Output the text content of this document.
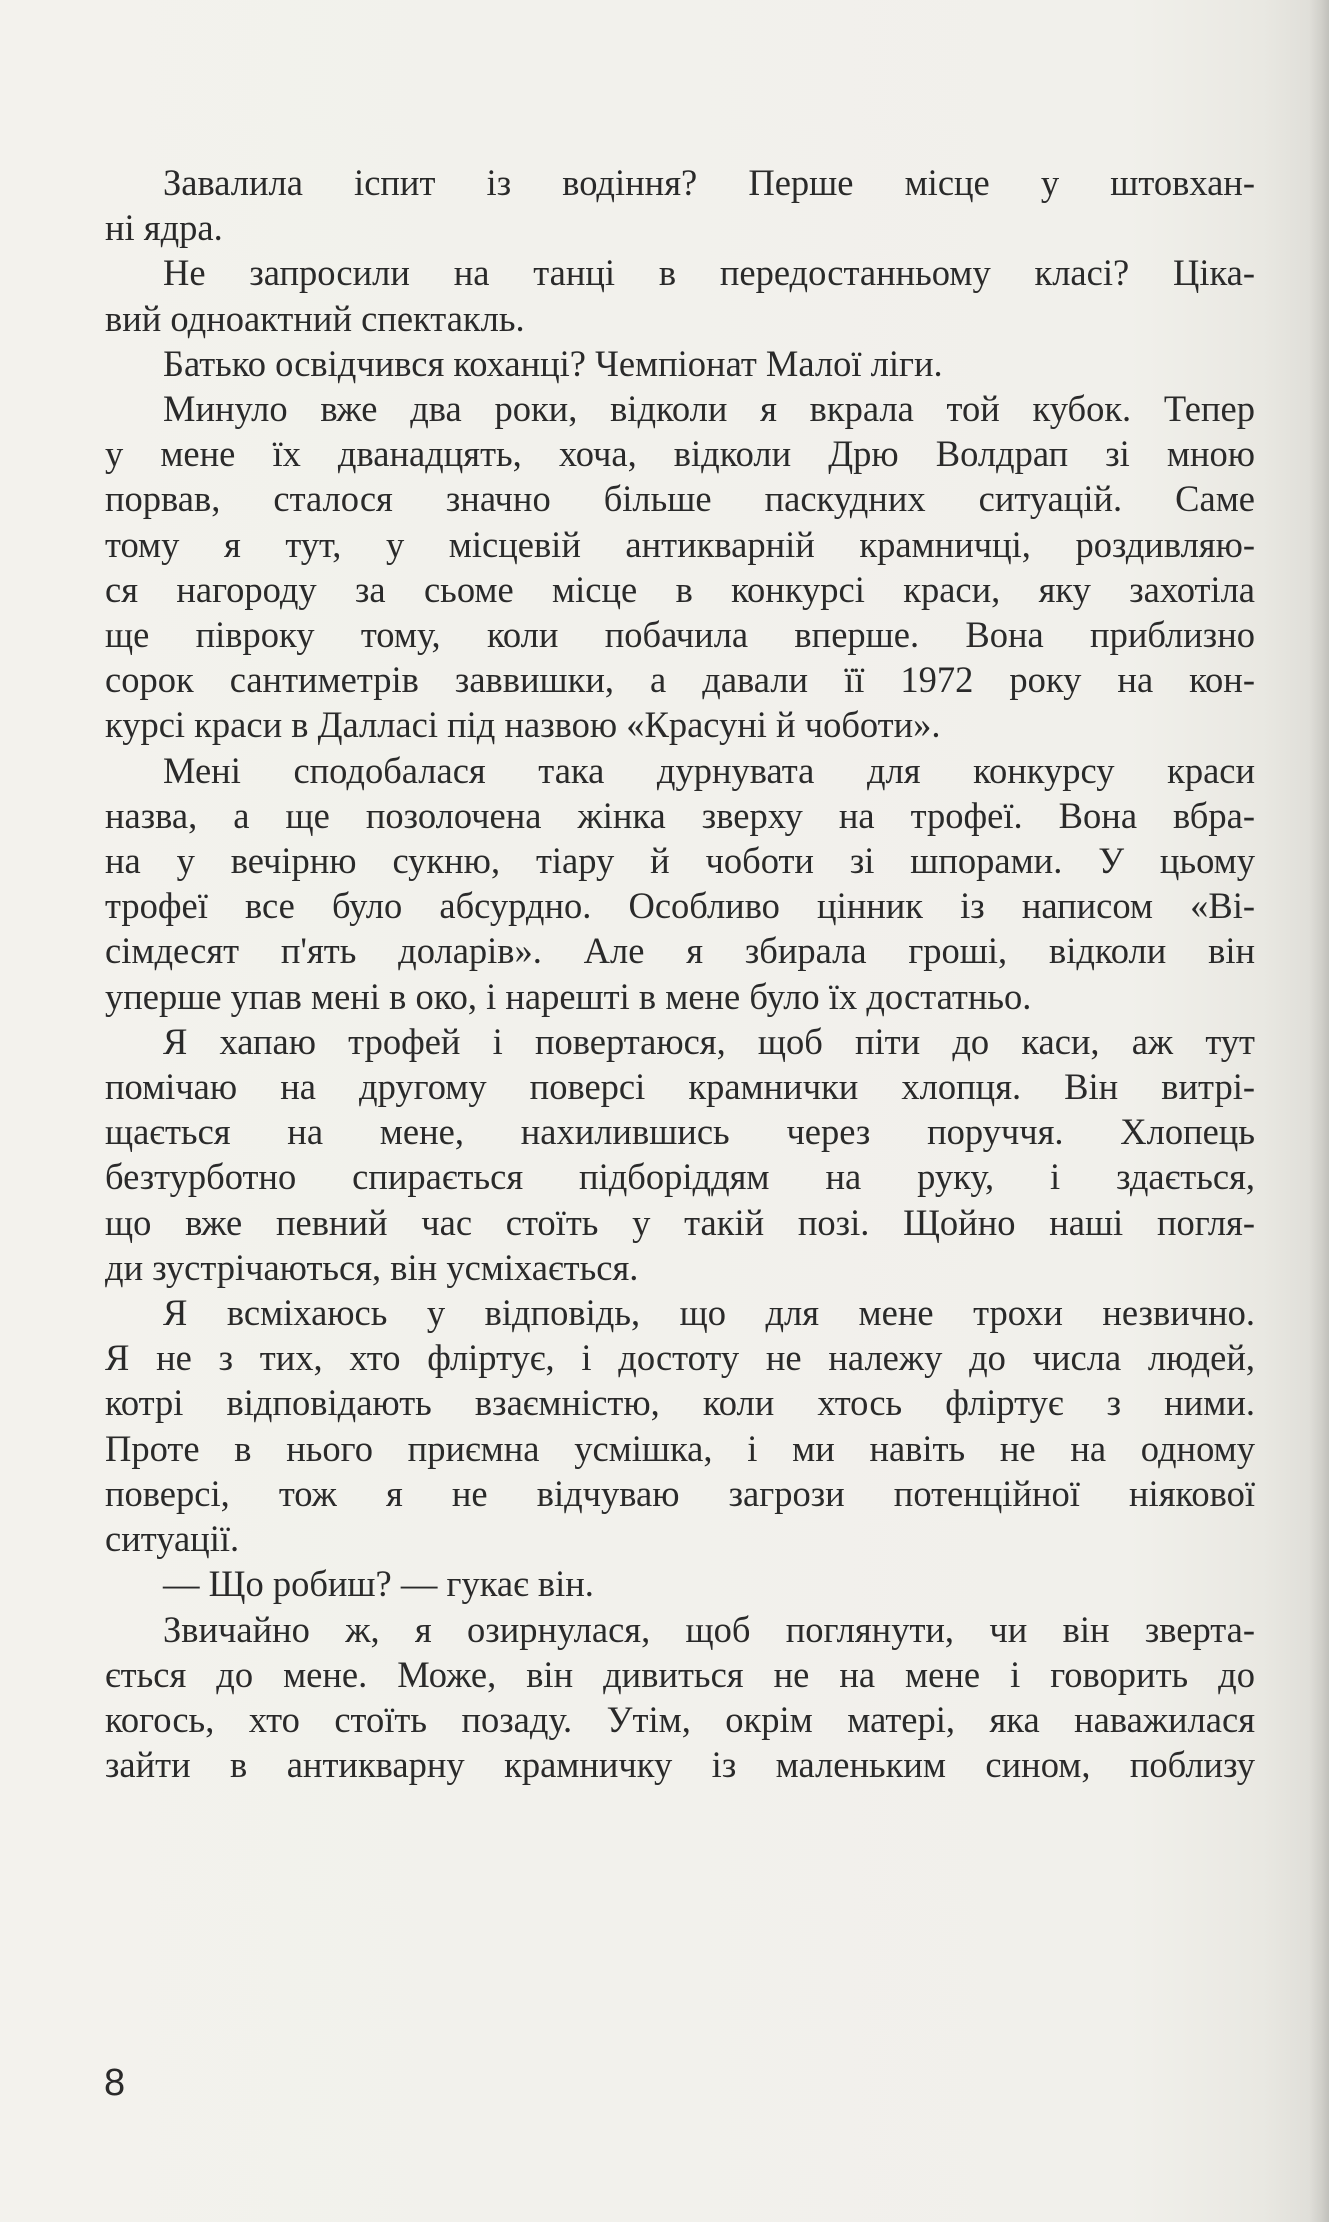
Завалила іспит із водіння? Перше місце у штовхан-
ні ядра.

Не запросили на танці в передостанньому класі? Ціка-
вий одноактний спектакль.

Батько освідчився коханці? Чемпіонат Малої ліги.

Минуло вже два роки, відколи я вкрала той кубок. Тепер
у мене їх дванадцять, хоча, відколи Дрю Волдрап зі мною
порвав, сталося значно більше паскудних ситуацій. Саме
тому я тут, у місцевій антикварній крамничці, роздивляю-
ся нагороду за сьоме місце в конкурсі краси, яку захотіла
ще півроку тому, коли побачила вперше. Вона приблизно
сорок сантиметрів заввишки, а давали її 1972 року на кон-
курсі краси в Далласі під назвою «Красуні й чоботи».

Мені сподобалася така дурнувата для конкурсу краси
назва, а ще позолочена жінка зверху на трофеї. Вона вбра-
на у вечірню сукню, тіару й чоботи зі шпорами. У цьому
трофеї все було абсурдно. Особливо цінник із написом «Ві-
сімдесят п'ять доларів». Але я збирала гроші, відколи він
уперше упав мені в око, і нарешті в мене було їх достатньо.

Я хапаю трофей і повертаюся, щоб піти до каси, аж тут
помічаю на другому поверсі крамнички хлопця. Він витрі-
щається на мене, нахилившись через поруччя. Хлопець
безтурботно спирається підборіддям на руку, і здається,
що вже певний час стоїть у такій позі. Щойно наші погля-
ди зустрічаються, він усміхається.

Я всміхаюсь у відповідь, що для мене трохи незвично.
Я не з тих, хто фліртує, і достоту не належу до числа людей,
котрі відповідають взаємністю, коли хтось фліртує з ними.
Проте в нього приємна усмішка, і ми навіть не на одному
поверсі, тож я не відчуваю загрози потенційної ніякової
ситуації.

— Що робиш? — гукає він.

Звичайно ж, я озирнулася, щоб поглянути, чи він зверта-
ється до мене. Може, він дивиться не на мене і говорить до
когось, хто стоїть позаду. Утім, окрім матері, яка наважилася
зайти в антикварну крамничку із маленьким сином, поблизу

8
